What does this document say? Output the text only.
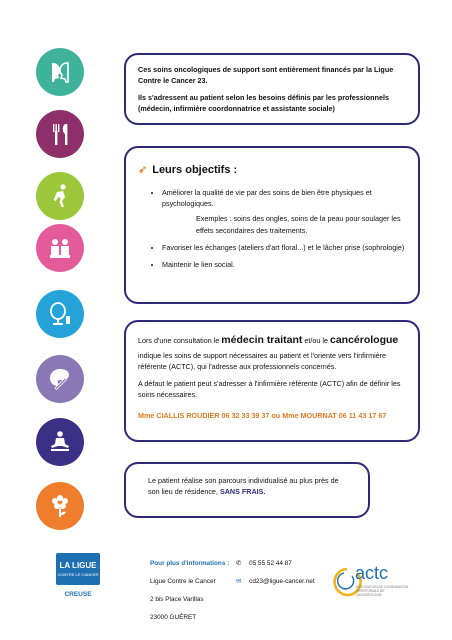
Ces soins oncologiques de support sont entièrement financés par la Ligue Contre le Cancer 23.

Ils s'adressent au patient selon les besoins définis par les professionnels (médecin, infirmière coordonnatrice et assistante sociale)

➶ Leurs objectifs :
• Améliorer la qualité de vie par des soins de bien être physiques et psychologiques.
Exemples : soins des ongles, soins de la peau pour soulager les effets secondaires des traitements.
• Favoriser les échanges (ateliers d'art floral...) et le lâcher prise (sophrologie)
• Maintenir le lien social.

Lors d'une consultation le médecin traitant et/ou le cancérologue

indique les soins de support nécessaires au patient et l'oriente vers l'infirmière référente (ACTC), qui l'adresse aux professionnels concernés.

A défaut le patient peut s'adresser à l'infirmière référente (ACTC) afin de définir les soins nécessaires.

Mme CIALLIS ROUDIER 06 32 33 39 37 ou Mme MOURNAT 06 11 43 17 67

Le patient réalise son parcours individualisé au plus près de son lieu de résidence, SANS FRAIS.
LA LIGUE
CONTRE LE CANCER
CREUSE
Pour plus d'informations : ✆ 05 55 52 44 87
Ligue Contre le Cancer	✉ cd23@ligue-cancer.net
2 bis Place Varillas
23000 GUÉRET
actc
ASSOCIATION DE COORDINATION TERRITORIALE DE CANCEROLOGIE
